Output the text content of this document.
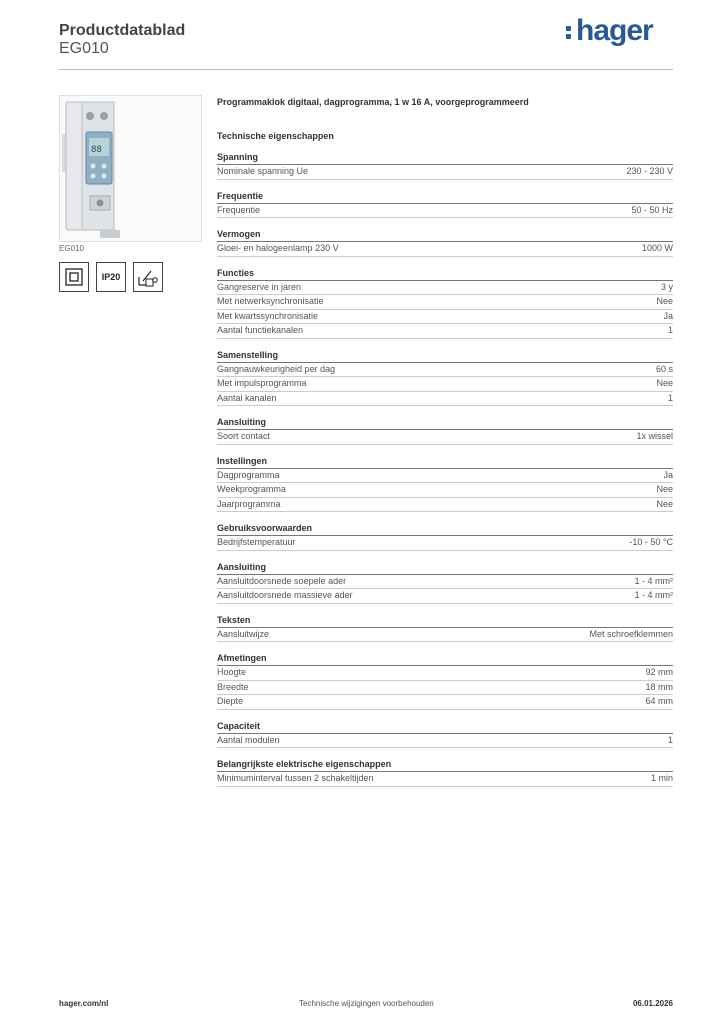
Productdatablad
EG010
hager
88
EG010
IP20
Programmaklok digitaal, dagprogramma, 1 w 16 A, voorgeprogrammeerd
Technische eigenschappen
Spanning
Nominale spanning Ue	230 - 230 V
Frequentie
Frequentie	50 - 50 Hz
Vermogen
Gloei- en halogeenlamp 230 V	1000 W
Functies
Gangreserve in jaren	3 y
Met netwerksynchronisatie	Nee
Met kwartssynchronisatie	Ja
Aantal functiekanalen	1
Samenstelling
Gangnauwkeurigheid per dag	60 s
Met impulsprogramma	Nee
Aantal kanalen	1
Aansluiting
Soort contact	1x wissel
Instellingen
Dagprogramma	Ja
Weekprogramma	Nee
Jaarprogramma	Nee
Gebruiksvoorwaarden
Bedrijfstemperatuur	-10 - 50 °C
Aansluiting
Aansluitdoorsnede soepele ader	1 - 4 mm²
Aansluitdoorsnede massieve ader	1 - 4 mm²
Teksten
Aansluitwijze	Met schroefklemmen
Afmetingen
Hoogte	92 mm
Breedte	18 mm
Diepte	64 mm
Capaciteit
Aantal modulen	1
Belangrijkste elektrische eigenschappen
Minimuminterval tussen 2 schakeltijden	1 min
hager.com/nl	Technische wijzigingen voorbehouden	06.01.2026
